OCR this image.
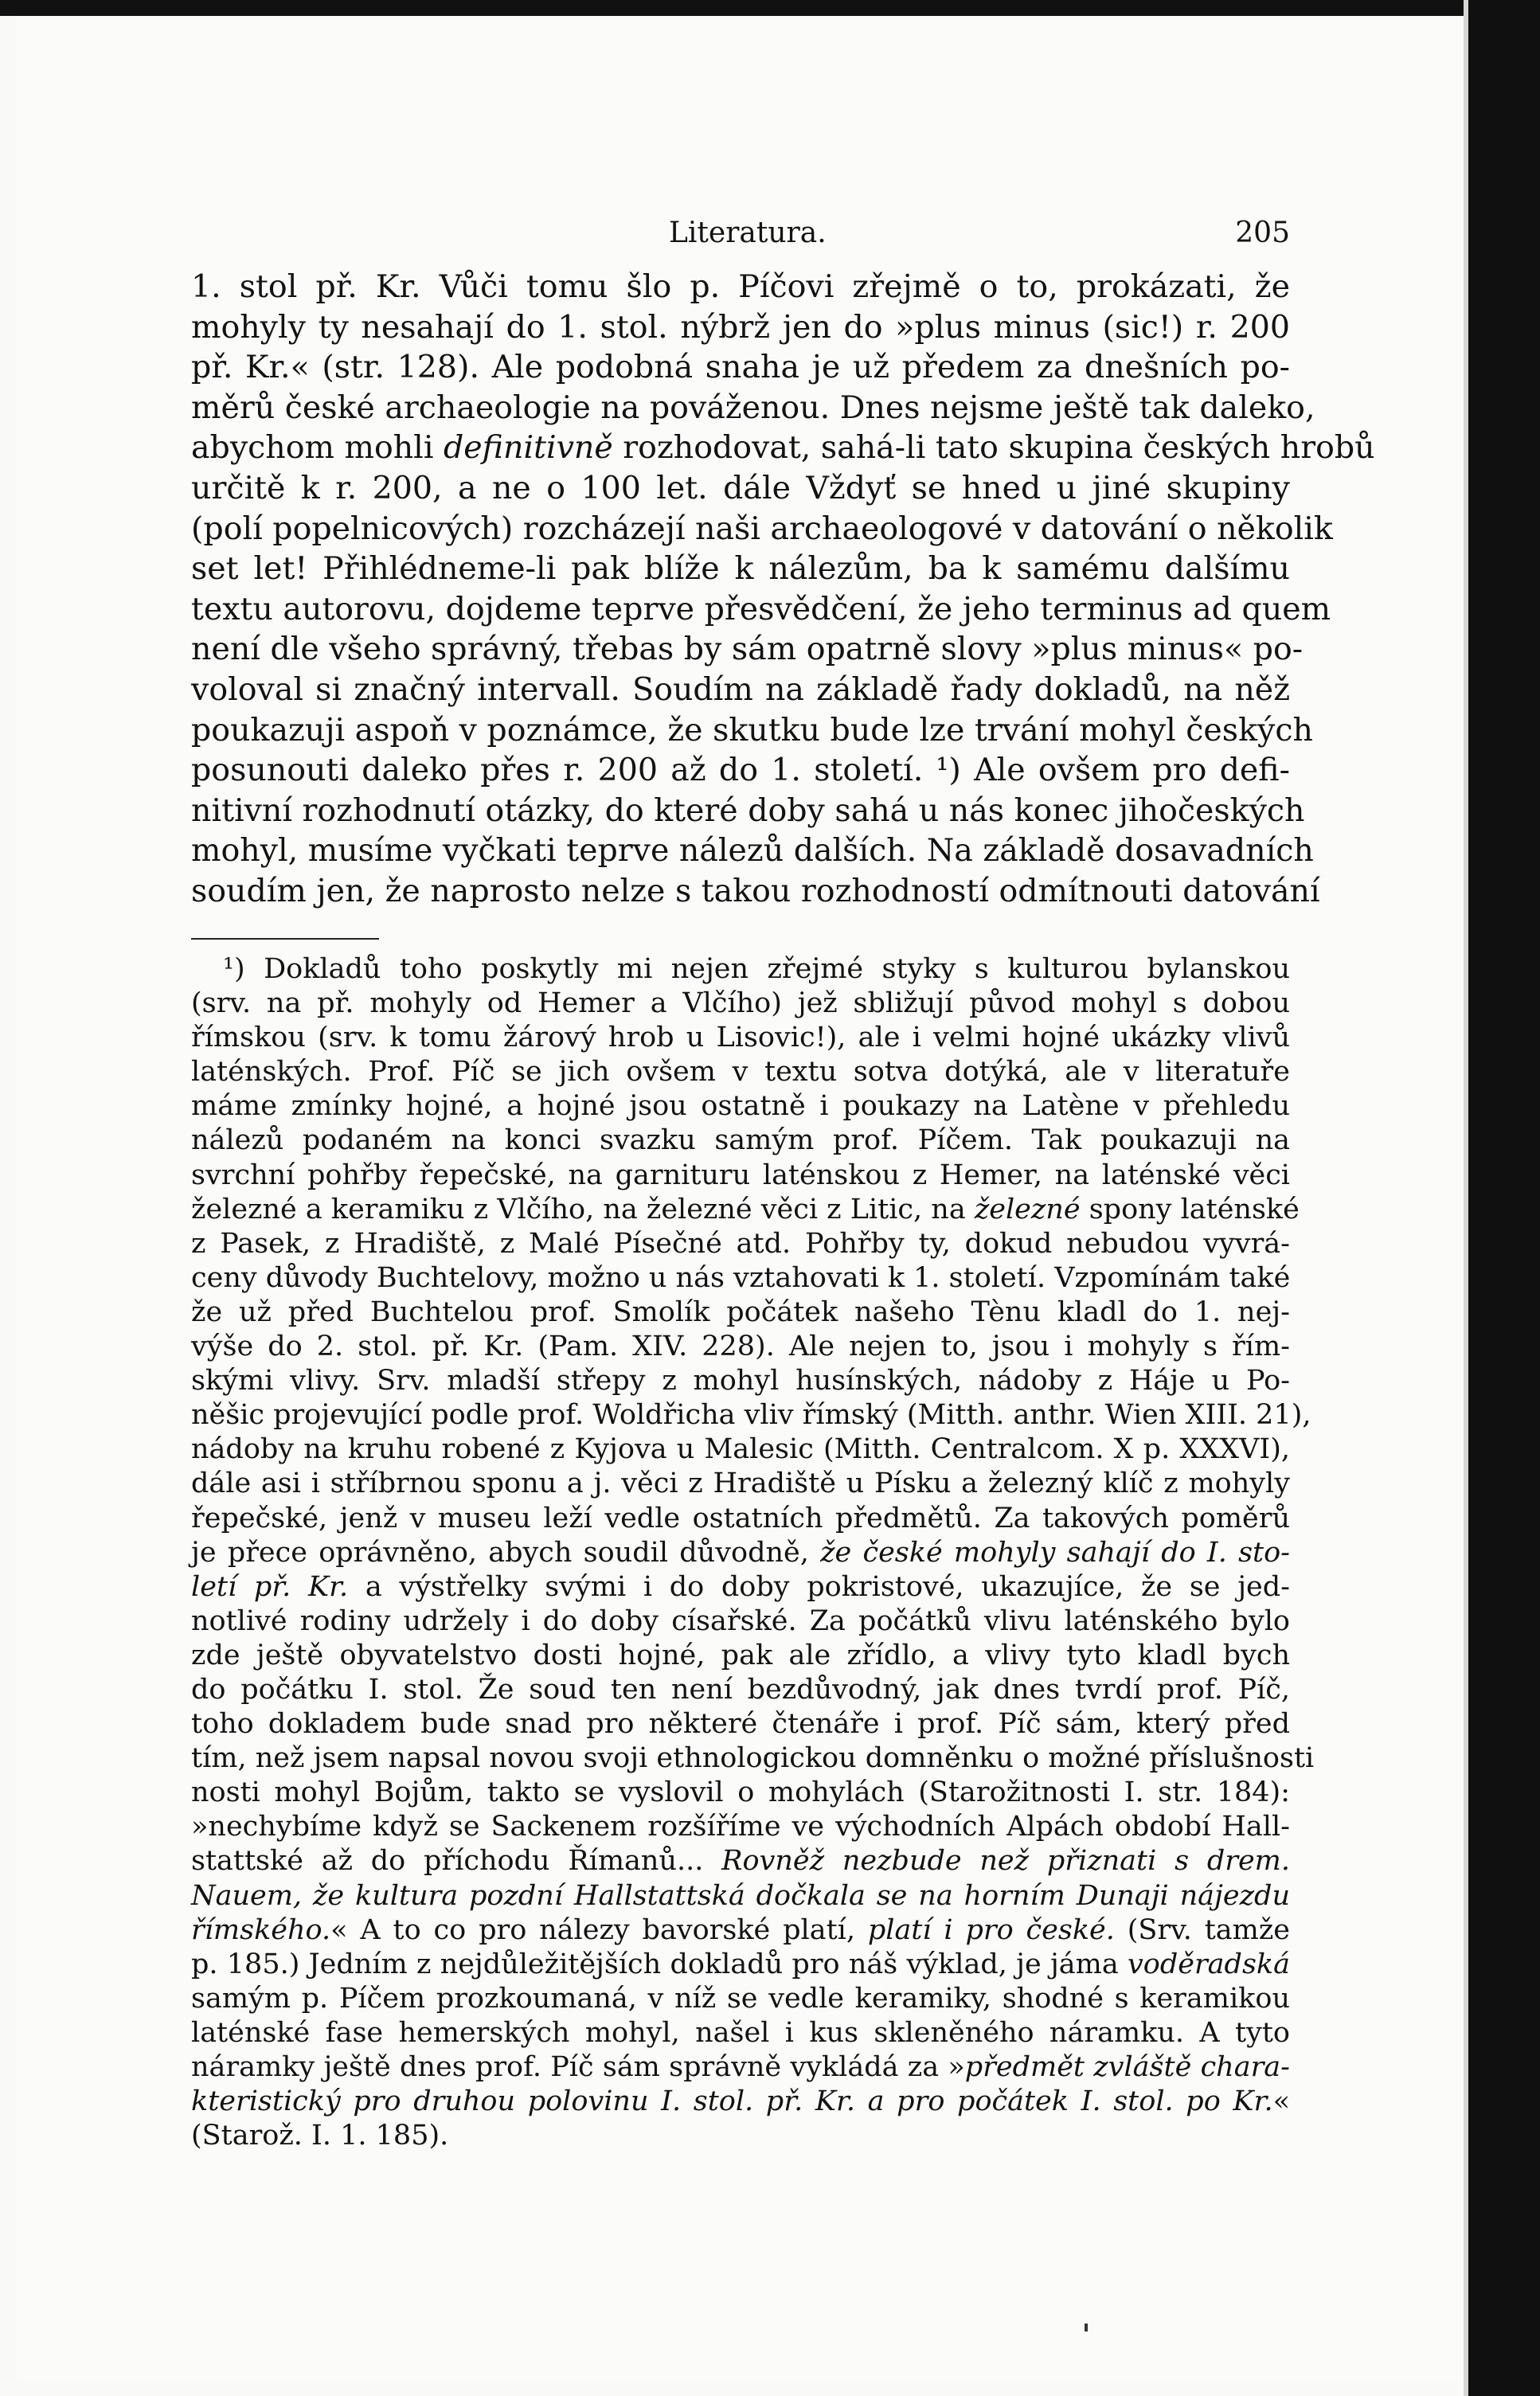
Literatura.	205
1. stol př. Kr. Vůči tomu šlo p. Píčovi zřejmě o to, prokázati, že
mohyly ty nesahají do 1. stol. nýbrž jen do »plus minus (sic!) r. 200
př. Kr.« (str. 128). Ale podobná snaha je už předem za dnešních po-
měrů české archaeologie na pováženou. Dnes nejsme ještě tak daleko,
abychom mohli definitivně rozhodovat, sahá-li tato skupina českých hrobů
určitě k r. 200, a ne o 100 let. dále Vždyť se hned u jiné skupiny
(polí popelnicových) rozcházejí naši archaeologové v datování o několik
set let! Přihlédneme-li pak blíže k nálezům, ba k samému dalšímu
textu autorovu, dojdeme teprve přesvědčení, že jeho terminus ad quem
není dle všeho správný, třebas by sám opatrně slovy »plus minus« po-
voloval si značný intervall. Soudím na základě řady dokladů, na něž
poukazuji aspoň v poznámce, že skutku bude lze trvání mohyl českých
posunouti daleko přes r. 200 až do 1. století. ¹) Ale ovšem pro defi-
nitivní rozhodnutí otázky, do které doby sahá u nás konec jihočeských
mohyl, musíme vyčkati teprve nálezů dalších. Na základě dosavadních
soudím jen, že naprosto nelze s takou rozhodností odmítnouti datování
¹) Dokladů toho poskytly mi nejen zřejmé styky s kulturou bylanskou
(srv. na př. mohyly od Hemer a Vlčího) jež sbližují původ mohyl s dobou
římskou (srv. k tomu žárový hrob u Lisovic!), ale i velmi hojné ukázky vlivů
laténských. Prof. Píč se jich ovšem v textu sotva dotýká, ale v literatuře
máme zmínky hojné, a hojné jsou ostatně i poukazy na Latène v přehledu
nálezů podaném na konci svazku samým prof. Píčem. Tak poukazuji na
svrchní pohřby řepečské, na garnituru laténskou z Hemer, na laténské věci
železné a keramiku z Vlčího, na železné věci z Litic, na železné spony laténské
z Pasek, z Hradiště, z Malé Písečné atd. Pohřby ty, dokud nebudou vyvrá-
ceny důvody Buchtelovy, možno u nás vztahovati k 1. století. Vzpomínám také
že už před Buchtelou prof. Smolík počátek našeho Tènu kladl do 1. nej-
výše do 2. stol. př. Kr. (Pam. XIV. 228). Ale nejen to, jsou i mohyly s řím-
skými vlivy. Srv. mladší střepy z mohyl husínských, nádoby z Háje u Po-
něšic projevující podle prof. Woldřicha vliv římský (Mitth. anthr. Wien XIII. 21),
nádoby na kruhu robené z Kyjova u Malesic (Mitth. Centralcom. X p. XXXVI),
dále asi i stříbrnou sponu a j. věci z Hradiště u Písku a železný klíč z mohyly
řepečské, jenž v museu leží vedle ostatních předmětů. Za takových poměrů
je přece oprávněno, abych soudil důvodně, že české mohyly sahají do I. sto-
letí př. Kr. a výstřelky svými i do doby pokristové, ukazujíce, že se jed-
notlivé rodiny udržely i do doby císařské. Za počátků vlivu laténského bylo
zde ještě obyvatelstvo dosti hojné, pak ale zřídlo, a vlivy tyto kladl bych
do počátku I. stol. Že soud ten není bezdůvodný, jak dnes tvrdí prof. Píč,
toho dokladem bude snad pro některé čtenáře i prof. Píč sám, který před
tím, než jsem napsal novou svoji ethnologickou domněnku o možné příslušnosti
nosti mohyl Bojům, takto se vyslovil o mohylách (Starožitnosti I. str. 184):
»nechybíme když se Sackenem rozšíříme ve východních Alpách období Hall-
stattské až do příchodu Římanů... Rovněž nezbude než přiznati s drem.
Nauem, že kultura pozdní Hallstattská dočkala se na horním Dunaji nájezdu
římského.« A to co pro nálezy bavorské platí, platí i pro české. (Srv. tamže
p. 185.) Jedním z nejdůležitějších dokladů pro náš výklad, je jáma voděradská
samým p. Píčem prozkoumaná, v níž se vedle keramiky, shodné s keramikou
laténské fase hemerských mohyl, našel i kus skleněného náramku. A tyto
náramky ještě dnes prof. Píč sám správně vykládá za »předmět zvláště chara-
kteristický pro druhou polovinu I. stol. př. Kr. a pro počátek I. stol. po Kr.«
(Starož. I. 1. 185).
